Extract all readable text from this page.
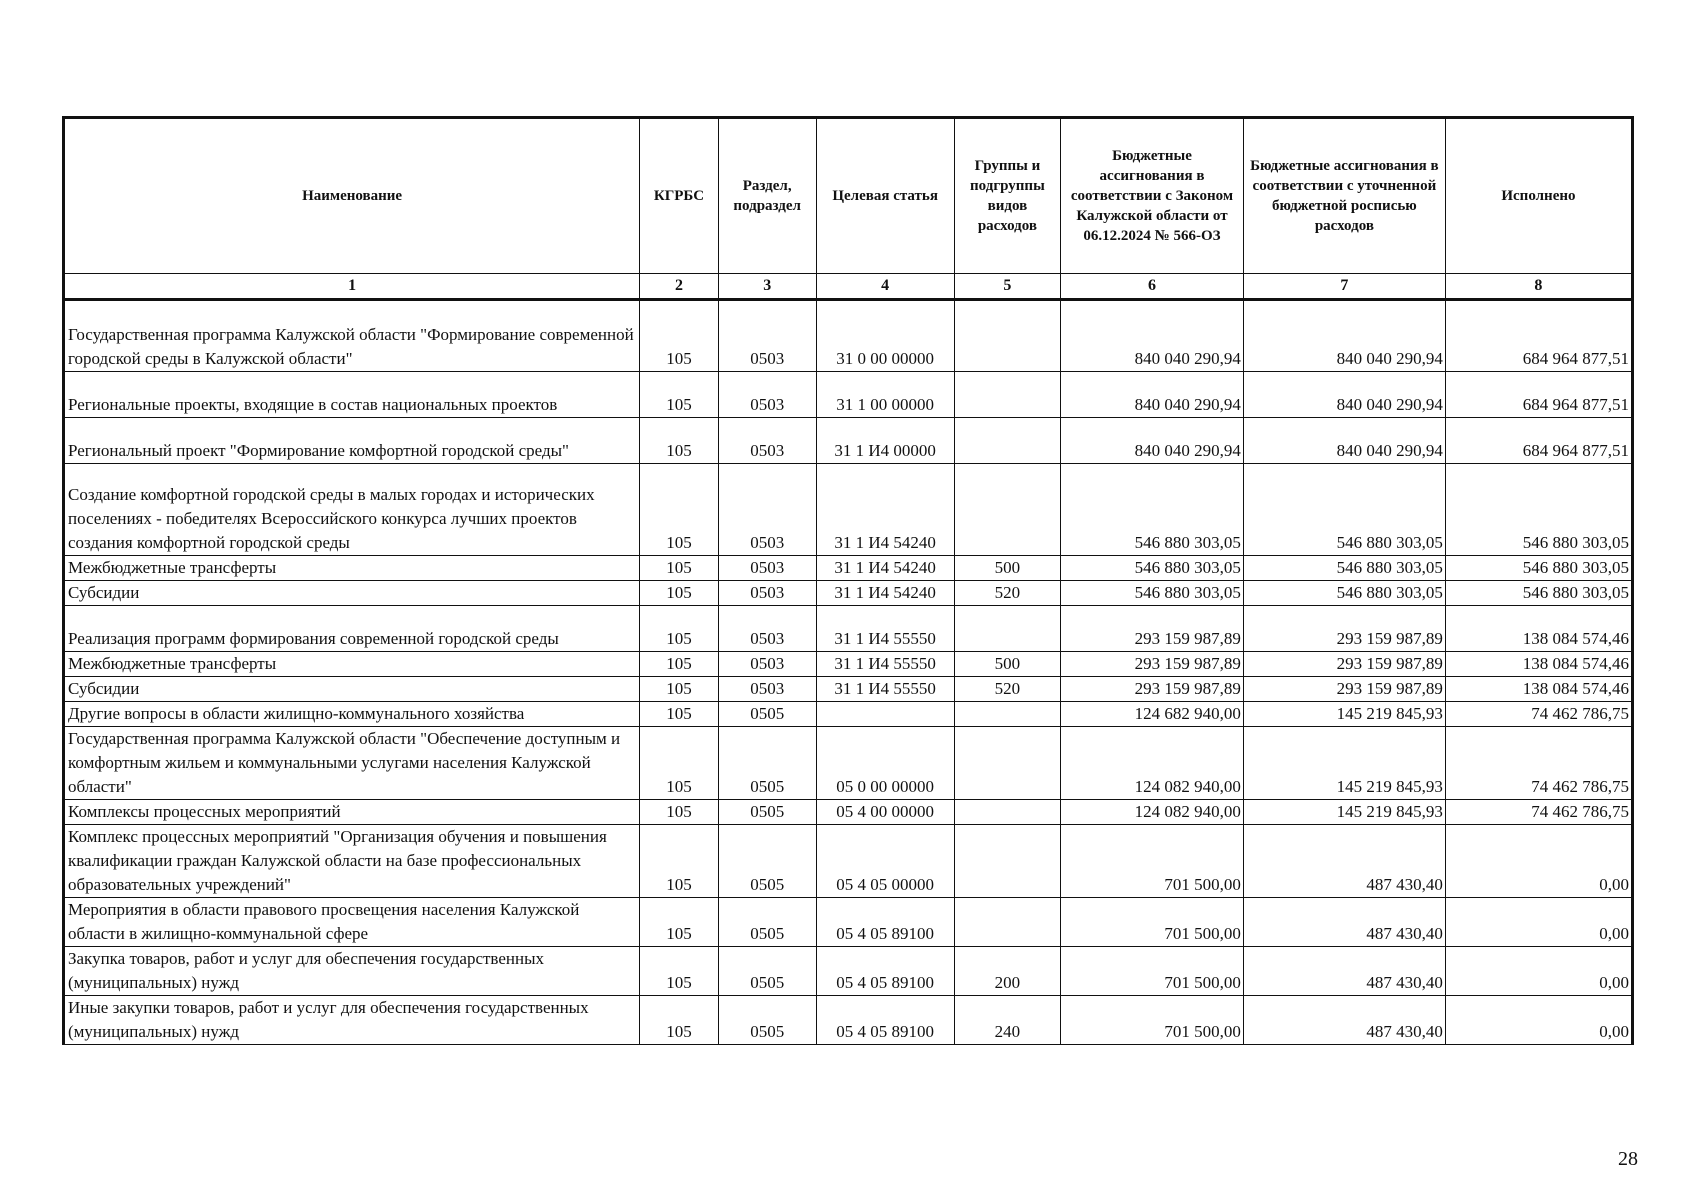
Наименование	КГРБС	Раздел, подраздел	Целевая статья	Группы и подгруппы видов расходов	Бюджетные ассигнования в соответствии с Законом Калужской области от 06.12.2024 № 566-ОЗ	Бюджетные ассигнования в соответствии с уточненной бюджетной росписью расходов	Исполнено
1	2	3	4	5	6	7	8
Государственная программа Калужской области "Формирование современной городской среды в Калужской области"	105	0503	31 0 00 00000		840 040 290,94	840 040 290,94	684 964 877,51
Региональные проекты, входящие в состав национальных проектов	105	0503	31 1 00 00000		840 040 290,94	840 040 290,94	684 964 877,51
Региональный проект "Формирование комфортной городской среды"	105	0503	31 1 И4 00000		840 040 290,94	840 040 290,94	684 964 877,51
Создание комфортной городской среды в малых городах и исторических поселениях - победителях Всероссийского конкурса лучших проектов создания комфортной городской среды	105	0503	31 1 И4 54240		546 880 303,05	546 880 303,05	546 880 303,05
Межбюджетные трансферты	105	0503	31 1 И4 54240	500	546 880 303,05	546 880 303,05	546 880 303,05
Субсидии	105	0503	31 1 И4 54240	520	546 880 303,05	546 880 303,05	546 880 303,05
Реализация программ формирования современной городской среды	105	0503	31 1 И4 55550		293 159 987,89	293 159 987,89	138 084 574,46
Межбюджетные трансферты	105	0503	31 1 И4 55550	500	293 159 987,89	293 159 987,89	138 084 574,46
Субсидии	105	0503	31 1 И4 55550	520	293 159 987,89	293 159 987,89	138 084 574,46
Другие вопросы в области жилищно-коммунального хозяйства	105	0505			124 682 940,00	145 219 845,93	74 462 786,75
Государственная программа Калужской области "Обеспечение доступным и комфортным жильем и коммунальными услугами населения Калужской области"	105	0505	05 0 00 00000		124 082 940,00	145 219 845,93	74 462 786,75
Комплексы процессных мероприятий	105	0505	05 4 00 00000		124 082 940,00	145 219 845,93	74 462 786,75
Комплекс процессных мероприятий "Организация обучения и повышения квалификации граждан Калужской области на базе профессиональных образовательных учреждений"	105	0505	05 4 05 00000		701 500,00	487 430,40	0,00
Мероприятия в области правового просвещения населения Калужской области в жилищно-коммунальной сфере	105	0505	05 4 05 89100		701 500,00	487 430,40	0,00
Закупка товаров, работ и услуг для обеспечения государственных (муниципальных) нужд	105	0505	05 4 05 89100	200	701 500,00	487 430,40	0,00
Иные закупки товаров, работ и услуг для обеспечения государственных (муниципальных) нужд	105	0505	05 4 05 89100	240	701 500,00	487 430,40	0,00
28
